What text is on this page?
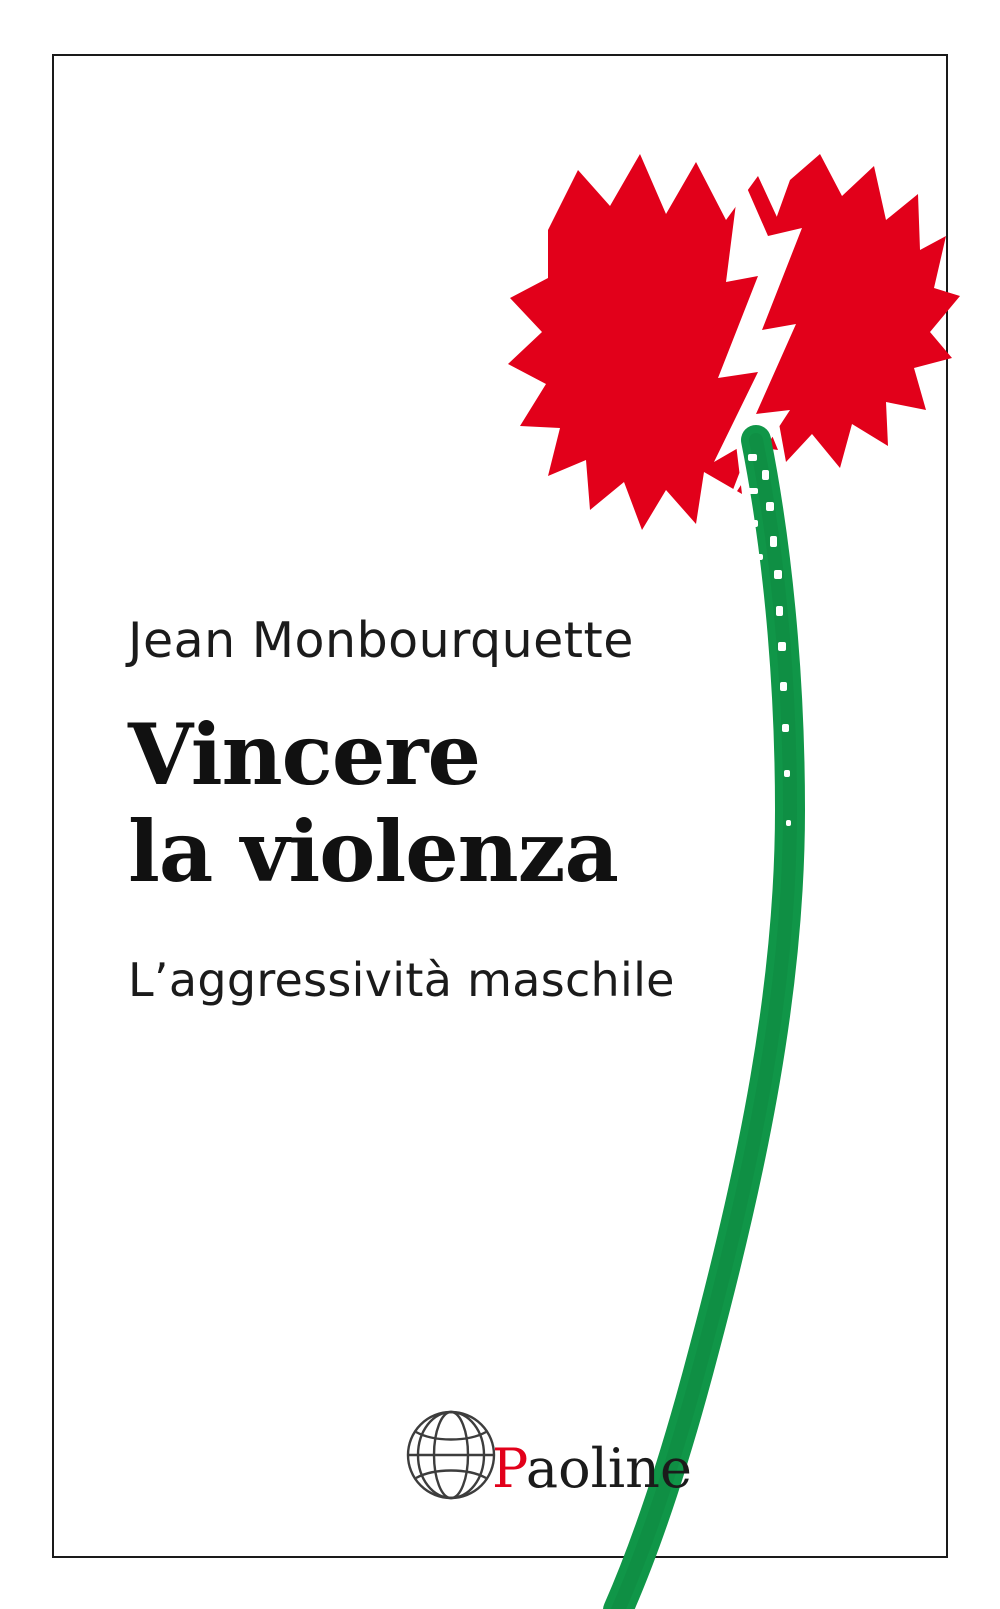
Jean Monbourquette
Vincere
la violenza
L’aggressività maschile
Paoline
